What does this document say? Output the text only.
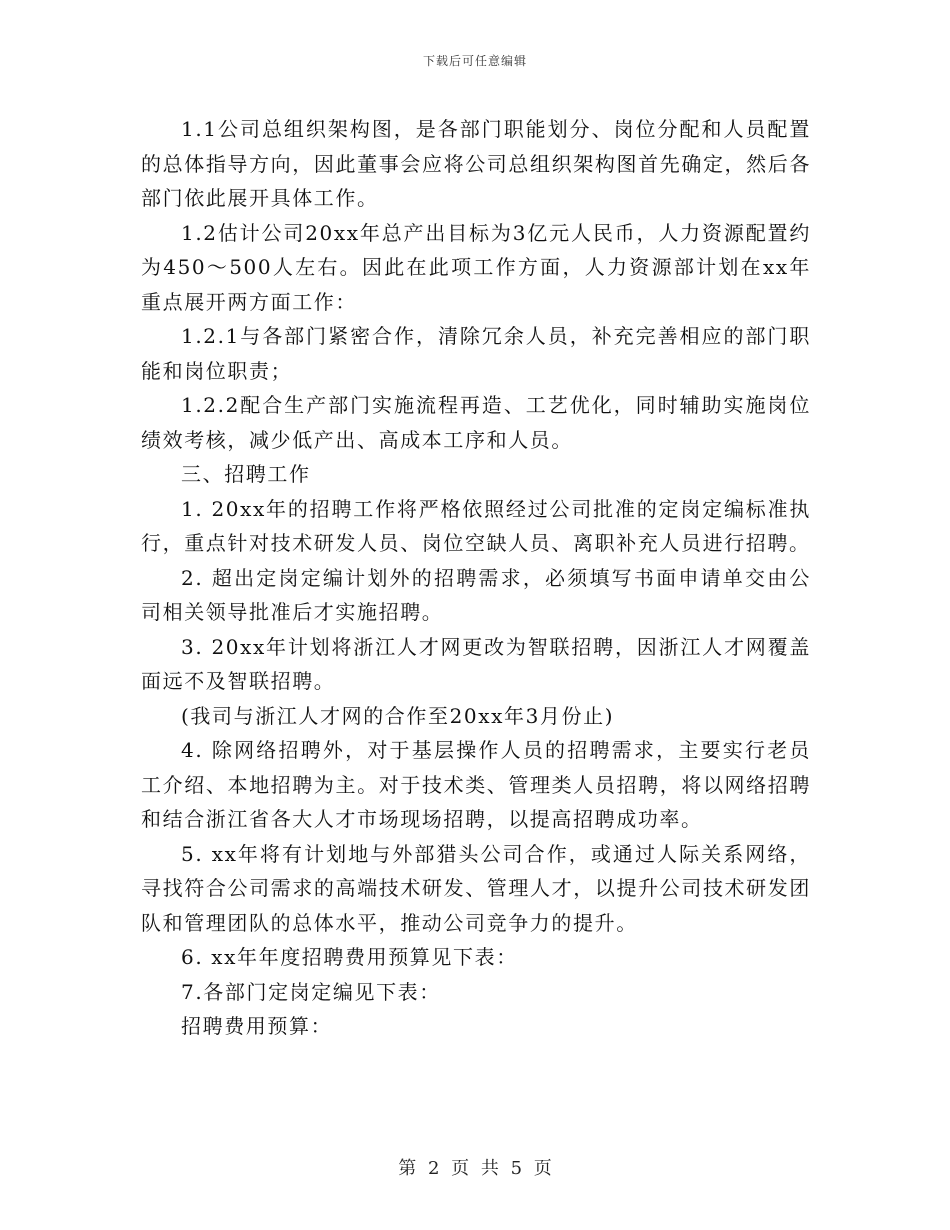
下载后可任意编辑

1.1公司总组织架构图，是各部门职能划分、岗位分配和人员配置的总体指导方向，因此董事会应将公司总组织架构图首先确定，然后各部门依此展开具体工作。

1.2估计公司20xx年总产出目标为3亿元人民币，人力资源配置约为450～500人左右。因此在此项工作方面，人力资源部计划在xx年重点展开两方面工作：

1.2.1与各部门紧密合作，清除冗余人员，补充完善相应的部门职能和岗位职责；

1.2.2配合生产部门实施流程再造、工艺优化，同时辅助实施岗位绩效考核，减少低产出、高成本工序和人员。

三、招聘工作

1. 20xx年的招聘工作将严格依照经过公司批准的定岗定编标准执行，重点针对技术研发人员、岗位空缺人员、离职补充人员进行招聘。

2. 超出定岗定编计划外的招聘需求，必须填写书面申请单交由公司相关领导批准后才实施招聘。

3. 20xx年计划将浙江人才网更改为智联招聘，因浙江人才网覆盖面远不及智联招聘。

(我司与浙江人才网的合作至20xx年3月份止)

4. 除网络招聘外，对于基层操作人员的招聘需求，主要实行老员工介绍、本地招聘为主。对于技术类、管理类人员招聘，将以网络招聘和结合浙江省各大人才市场现场招聘，以提高招聘成功率。

5. xx年将有计划地与外部猎头公司合作，或通过人际关系网络，寻找符合公司需求的高端技术研发、管理人才，以提升公司技术研发团队和管理团队的总体水平，推动公司竞争力的提升。

6. xx年年度招聘费用预算见下表：

7.各部门定岗定编见下表：

招聘费用预算：

第 2 页 共 5 页
